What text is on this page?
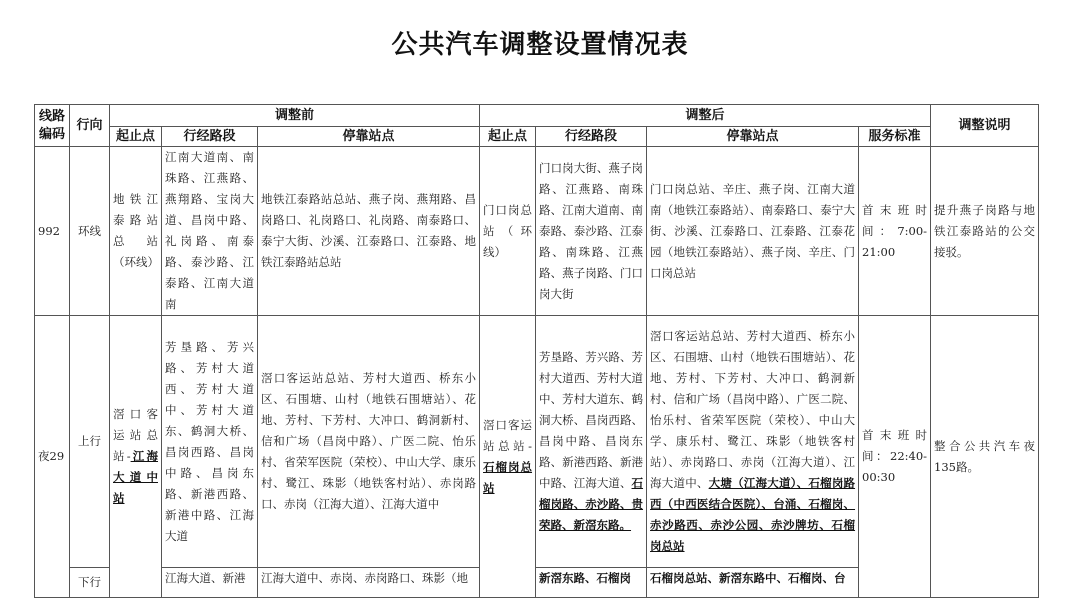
公共汽车调整设置情况表
线路编码	行向	调整前			调整后				调整说明
		起止点	行经路段	停靠站点	起止点	行经路段	停靠站点	服务标准	
992	环线	地铁江泰路站总站（环线）	江南大道南、南珠路、江燕路、燕翔路、宝岗大道、昌岗中路、礼岗路、南泰路、泰沙路、江泰路、江南大道南	地铁江泰路站总站、燕子岗、燕翔路、昌岗路口、礼岗路口、礼岗路、南泰路口、泰宁大街、沙溪、江泰路口、江泰路、地铁江泰路站总站	门口岗总站（环线）	门口岗大街、燕子岗路、江燕路、南珠路、江南大道南、南泰路、泰沙路、江泰路、南珠路、江燕路、燕子岗路、门口岗大街	门口岗总站、辛庄、燕子岗、江南大道南（地铁江泰路站）、南泰路口、泰宁大街、沙溪、江泰路口、江泰路、江泰花园（地铁江泰路站）、燕子岗、辛庄、门口岗总站	首末班时间：7:00-21:00	提升燕子岗路与地铁江泰路站的公交接驳。
夜29	上行	滘口客运站总站-江海大道中站	芳垦路、芳兴路、芳村大道西、芳村大道中、芳村大道东、鹤洞大桥、昌岗西路、昌岗中路、昌岗东路、新港西路、新港中路、江海大道	滘口客运站总站、芳村大道西、桥东小区、石围塘、山村（地铁石围塘站）、花地、芳村、下芳村、大冲口、鹤洞新村、信和广场（昌岗中路）、广医二院、怡乐村、省荣军医院（荣校）、中山大学、康乐村、鹭江、珠影（地铁客村站）、赤岗路口、赤岗（江海大道）、江海大道中	滘口客运站总站-石榴岗总站	芳垦路、芳兴路、芳村大道西、芳村大道中、芳村大道东、鹤洞大桥、昌岗西路、昌岗中路、昌岗东路、新港西路、新港中路、江海大道、石榴岗路、赤沙路、贵荣路、新滘东路。	滘口客运站总站、芳村大道西、桥东小区、石围塘、山村（地铁石围塘站）、花地、芳村、下芳村、大冲口、鹤洞新村、信和广场（昌岗中路）、广医二院、怡乐村、省荣军医院（荣校）、中山大学、康乐村、鹭江、珠影（地铁客村站）、赤岗路口、赤岗（江海大道）、江海大道中、大塘（江海大道）、石榴岗路西（中西医结合医院）、台涌、石榴岗、赤沙路西、赤沙公园、赤沙牌坊、石榴岗总站	首末班时间：22:40-00:30	整合公共汽车夜135路。
	下行		江海大道、新港	江海大道中、赤岗、赤岗路口、珠影（地		新滘东路、石榴岗	石榴岗总站、新滘东路中、石榴岗、台		
